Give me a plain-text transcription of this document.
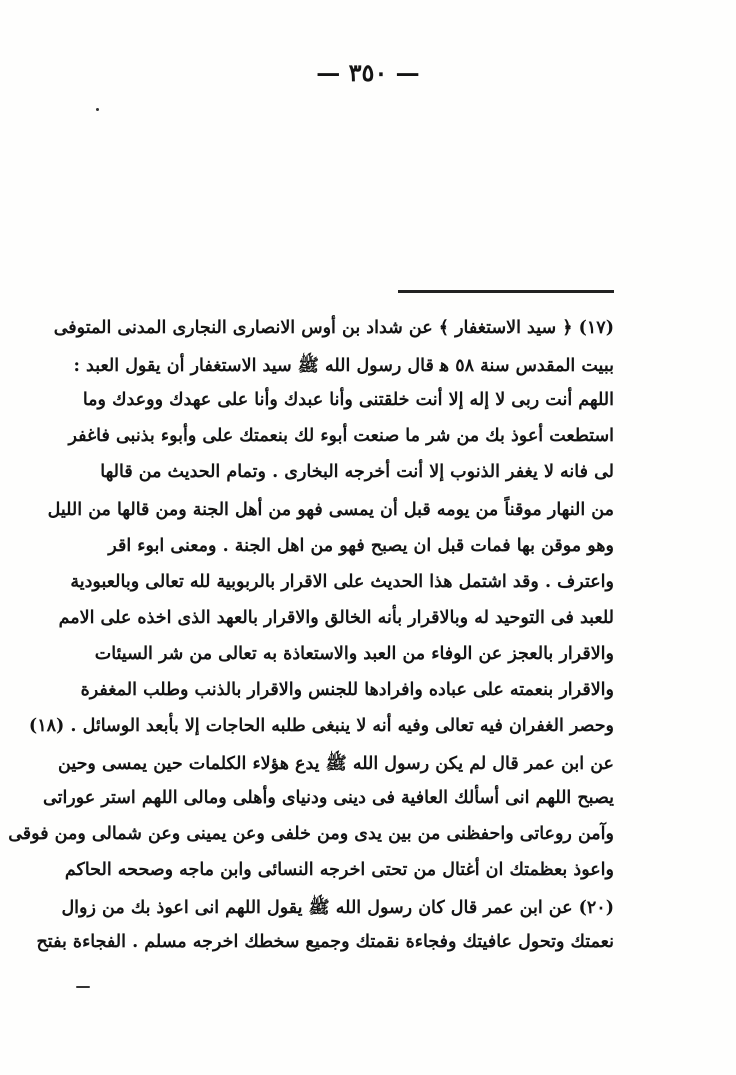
— ٣٥٠ —
(١٧) ﴿ سيد الاستغفار ﴾ عن شداد بن أوس الانصارى النجارى المدنى المتوفى
ببيت المقدس سنة ٥٨ ﻫ قال رسول الله ﷺ سيد الاستغفار أن يقول العبد :
اللهم أنت ربى لا إله إلا أنت خلقتنى وأنا عبدك وأنا على عهدك ووعدك وما
استطعت أعوذ بك من شر ما صنعت أبوء لك بنعمتك على وأبوء بذنبى فاغفر
لى فانه لا يغفر الذنوب إلا أنت أخرجه البخارى . وتمام الحديث من قالها
من النهار موقناً من يومه قبل أن يمسى فهو من أهل الجنة ومن قالها من الليل
وهو موقن بها فمات قبل ان يصبح فهو من اهل الجنة . ومعنى ابوء اقر
واعترف . وقد اشتمل هذا الحديث على الاقرار بالربوبية لله تعالى وبالعبودية
للعبد فى التوحيد له وبالاقرار بأنه الخالق والاقرار بالعهد الذى اخذه على الامم
والاقرار بالعجز عن الوفاء من العبد والاستعاذة به تعالى من شر السيئات
والاقرار بنعمته على عباده وافرادها للجنس والاقرار بالذنب وطلب المغفرة
وحصر الغفران فيه تعالى وفيه أنه لا ينبغى طلبه الحاجات إلا بأبعد الوسائل . (١٨)
عن ابن عمر قال لم يكن رسول الله ﷺ يدع هؤلاء الكلمات حين يمسى وحين
يصبح اللهم انى أسألك العافية فى دينى ودنياى وأهلى ومالى اللهم استر عوراتى
وآمن روعاتى واحفظنى من بين يدى ومن خلفى وعن يمينى وعن شمالى ومن فوقى
واعوذ بعظمتك ان أغتال من تحتى اخرجه النسائى وابن ماجه وصححه الحاكم
(٢٠) عن ابن عمر قال كان رسول الله ﷺ يقول اللهم انى اعوذ بك من زوال
نعمتك وتحول عافيتك وفجاءة نقمتك وجميع سخطك اخرجه مسلم . الفجاءة بفتح
